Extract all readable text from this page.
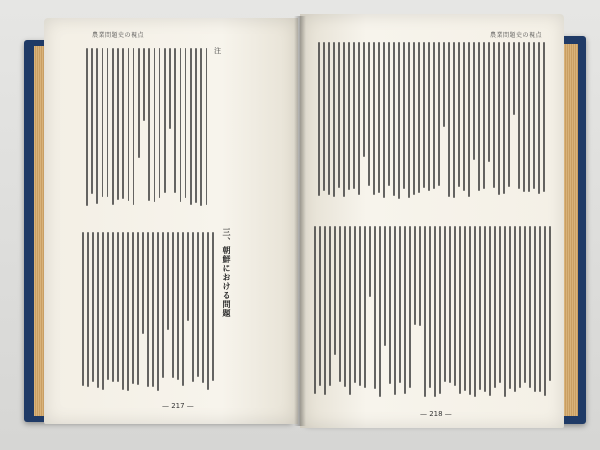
農業問題史の視点	農業問題史の視点
注
三、朝鮮における問題
— 217 —
— 218 —
